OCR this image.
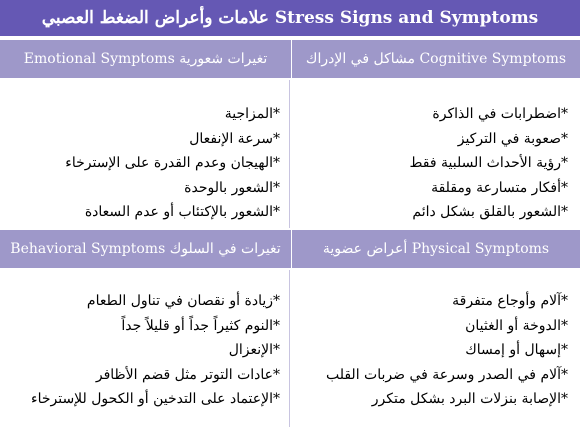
علامات وأعراض الضغط العصبي Stress Signs and Symptoms
Emotional Symptoms تغيرات شعورية	مشاكل في الإدراك Cognitive Symptoms
*المزاجية
*سرعة الإنفعال
*الهيجان وعدم القدرة على الإسترخاء
*الشعور بالوحدة
*الشعور بالإكتئاب أو عدم السعادة
*اضطرابات في الذاكرة
*صعوبة في التركيز
*رؤية الأحداث السلبية فقط
*أفكار متسارعة ومقلقة
*الشعور بالقلق بشكل دائم
Behavioral Symptoms تغيرات في السلوك	أعراض عضوية Physical Symptoms
*زيادة أو نقصان في تناول الطعام
*النوم كثيراً جداً أو قليلاً جداً
*الإنعزال
*عادات التوتر مثل قضم الأظافر
*الإعتماد على التدخين أو الكحول للإسترخاء
*آلام وأوجاع متفرقة
*الدوخة أو الغثيان
*إسهال أو إمساك
*آلام في الصدر وسرعة في ضربات القلب
*الإصابة بنزلات البرد بشكل متكرر
